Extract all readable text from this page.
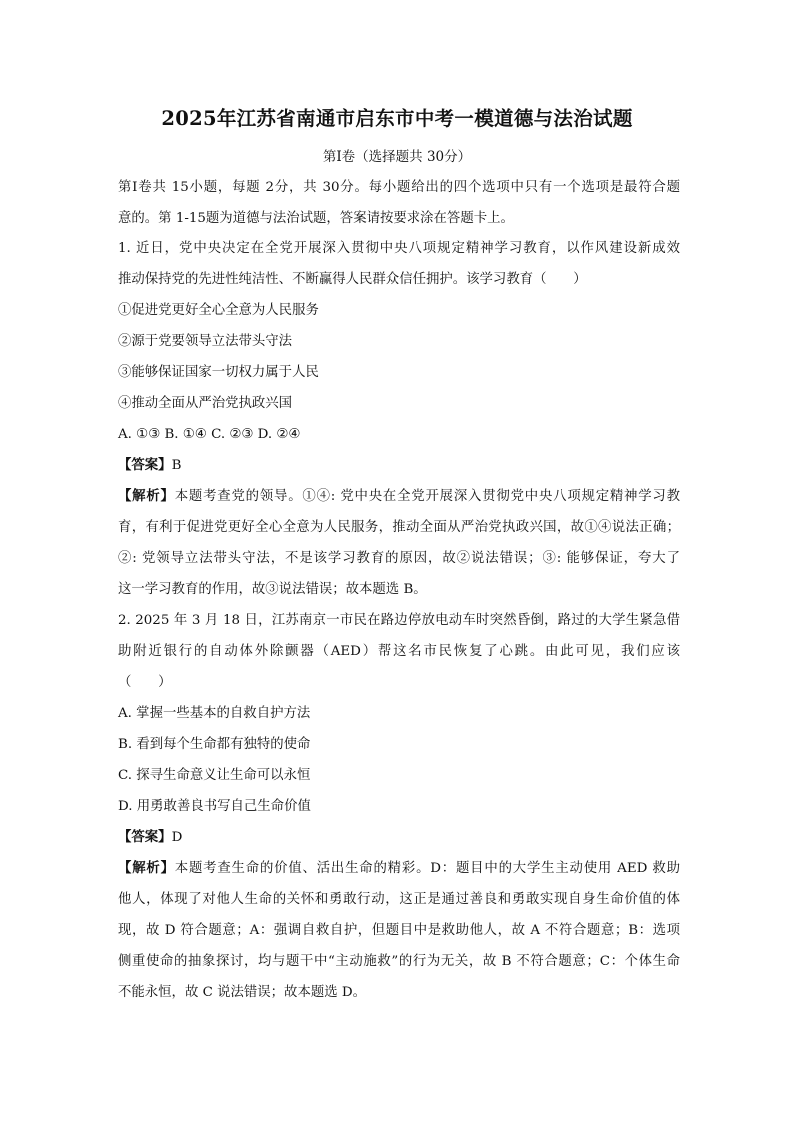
2025年江苏省南通市启东市中考一模道德与法治试题
第Ⅰ卷（选择题共 30分）
第Ⅰ卷共 15小题，每题 2分，共 30分。每小题给出的四个选项中只有一个选项是最符合题
意的。第 1-15题为道德与法治试题，答案请按要求涂在答题卡上。
1. 近日，党中央决定在全党开展深入贯彻中央八项规定精神学习教育，以作风建设新成效
推动保持党的先进性纯洁性、不断赢得人民群众信任拥护。该学习教育（　　）
①促进党更好全心全意为人民服务
②源于党要领导立法带头守法
③能够保证国家一切权力属于人民
④推动全面从严治党执政兴国
A. ①③ B. ①④ C. ②③ D. ②④
【答案】B
【解析】本题考查党的领导。①④: 党中央在全党开展深入贯彻党中央八项规定精神学习教
育，有利于促进党更好全心全意为人民服务，推动全面从严治党执政兴国，故①④说法正确；
②: 党领导立法带头守法，不是该学习教育的原因，故②说法错误；③: 能够保证，夸大了
这一学习教育的作用，故③说法错误；故本题选 B。
2. 2025 年 3 月 18 日，江苏南京一市民在路边停放电动车时突然昏倒，路过的大学生紧急借
助附近银行的自动体外除颤器（AED）帮这名市民恢复了心跳。由此可见，我们应该
（　　）
A. 掌握一些基本的自救自护方法
B. 看到每个生命都有独特的使命
C. 探寻生命意义让生命可以永恒
D. 用勇敢善良书写自己生命价值
【答案】D
【解析】本题考查生命的价值、活出生命的精彩。D：题目中的大学生主动使用 AED 救助
他人，体现了对他人生命的关怀和勇敢行动，这正是通过善良和勇敢实现自身生命价值的体
现，故 D 符合题意；A：强调自救自护，但题目中是救助他人，故 A 不符合题意；B：选项
侧重使命的抽象探讨，均与题干中“主动施救”的行为无关，故 B 不符合题意；C：个体生命
不能永恒，故 C 说法错误；故本题选 D。
